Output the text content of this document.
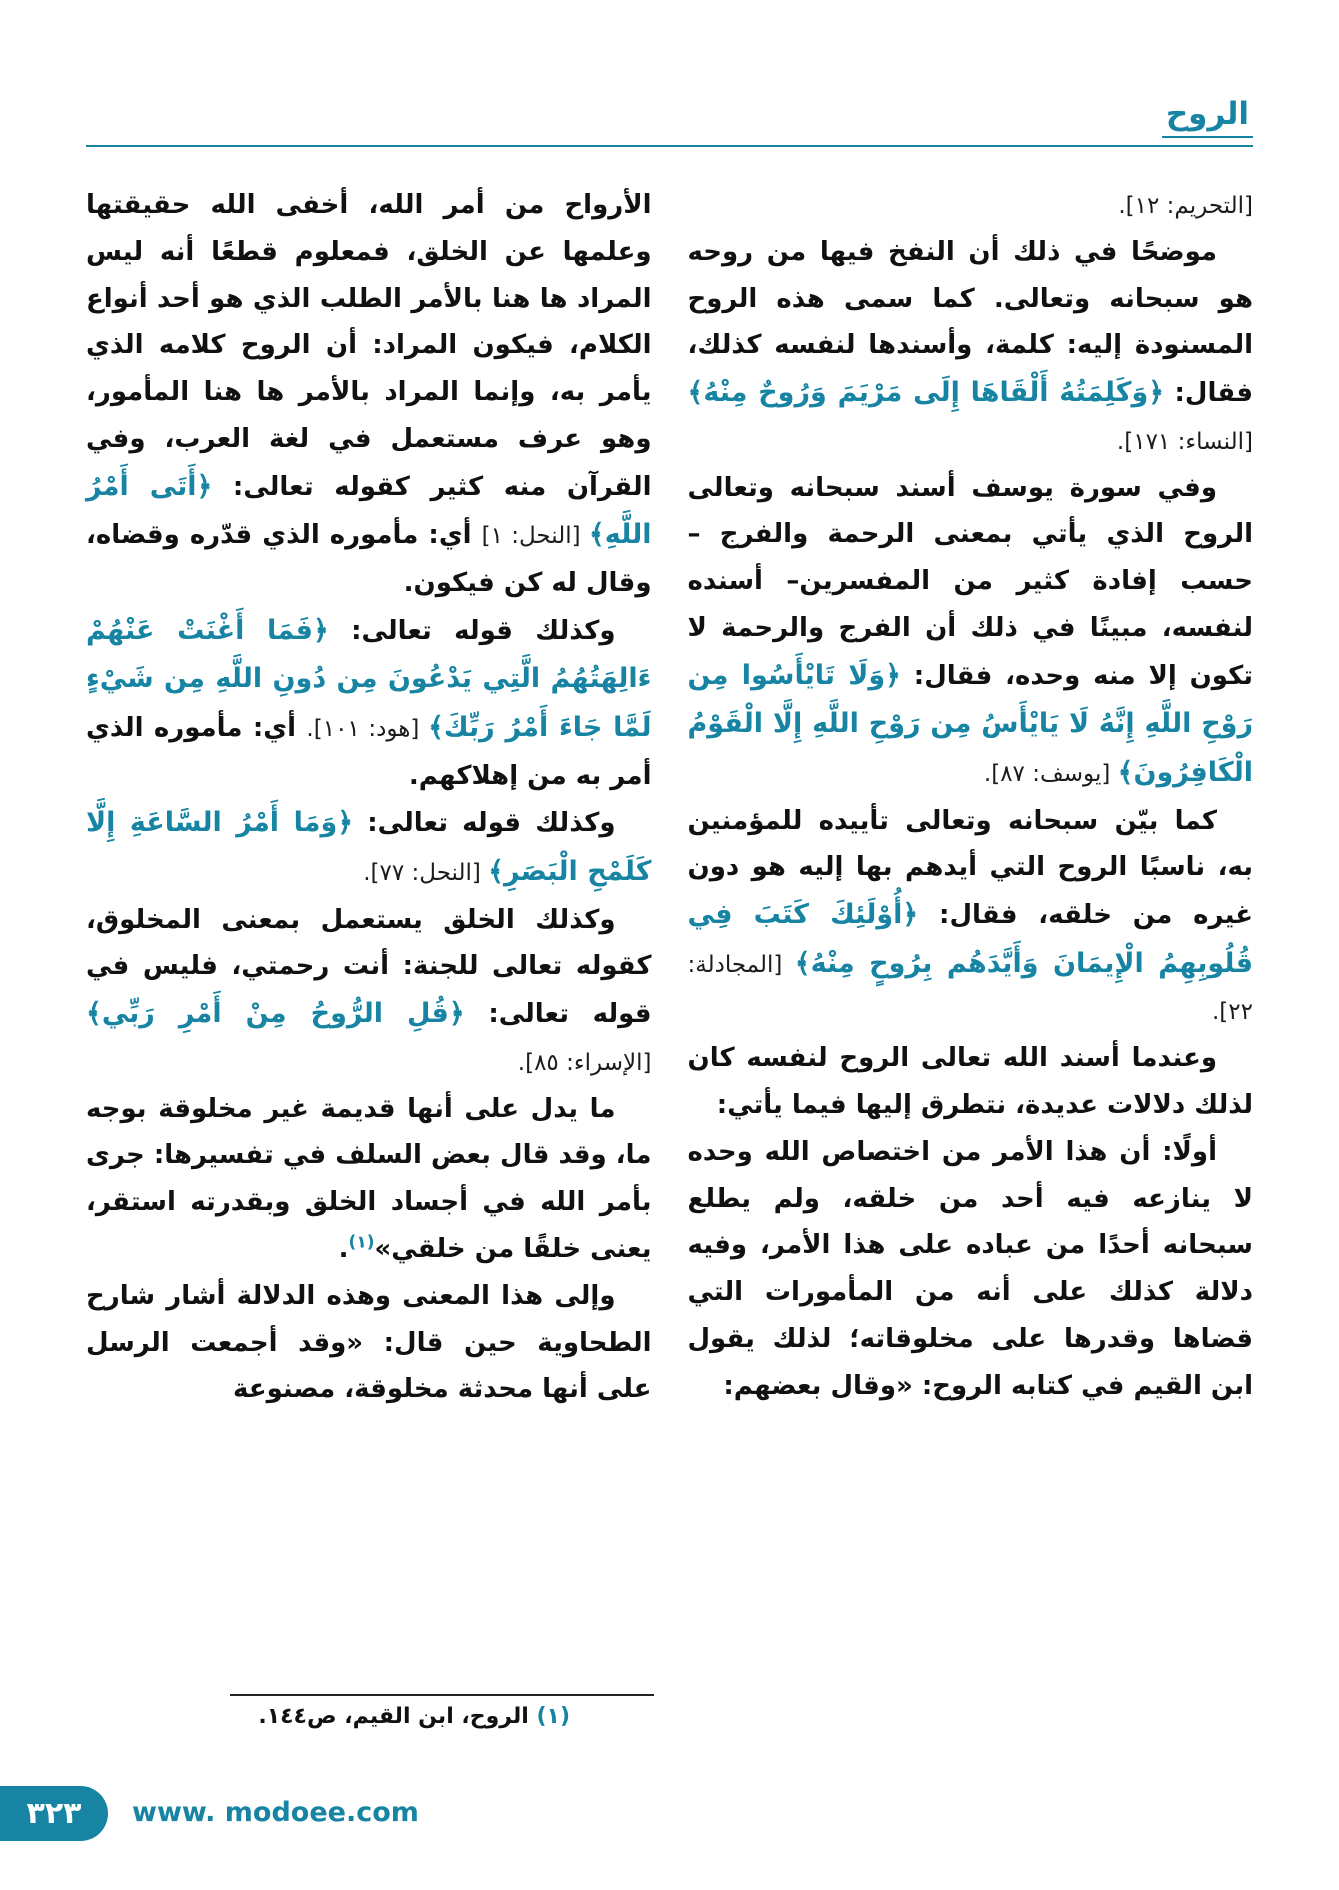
الروح

[التحريم: ١٢].

موضحًا في ذلك أن النفخ فيها من روحه هو سبحانه وتعالى. كما سمى هذه الروح المسنودة إليه: كلمة، وأسندها لنفسه كذلك، فقال: ﴿وَكَلِمَتُهُ أَلْقَاهَا إِلَى مَرْيَمَ وَرُوحٌ مِنْهُ﴾ [النساء: ١٧١].

وفي سورة يوسف أسند سبحانه وتعالى الروح الذي يأتي بمعنى الرحمة والفرج –حسب إفادة كثير من المفسرين– أسنده لنفسه، مبينًا في ذلك أن الفرج والرحمة لا تكون إلا منه وحده، فقال: ﴿وَلَا تَايْأَسُوا مِن رَوْحِ اللَّهِ إِنَّهُ لَا يَايْأَسُ مِن رَوْحِ اللَّهِ إِلَّا الْقَوْمُ الْكَافِرُونَ﴾ [يوسف: ٨٧].

كما بيّن سبحانه وتعالى تأييده للمؤمنين به، ناسبًا الروح التي أيدهم بها إليه هو دون غيره من خلقه، فقال: ﴿أُوْلَئِكَ كَتَبَ فِي قُلُوبِهِمُ الْإِيمَانَ وَأَيَّدَهُم بِرُوحٍ مِنْهُ﴾ [المجادلة: ٢٢].

وعندما أسند الله تعالى الروح لنفسه كان لذلك دلالات عديدة، نتطرق إليها فيما يأتي:

أولًا: أن هذا الأمر من اختصاص الله وحده لا ينازعه فيه أحد من خلقه، ولم يطلع سبحانه أحدًا من عباده على هذا الأمر، وفيه دلالة كذلك على أنه من المأمورات التي قضاها وقدرها على مخلوقاته؛ لذلك يقول ابن القيم في كتابه الروح: «وقال بعضهم:

الأرواح من أمر الله، أخفى الله حقيقتها وعلمها عن الخلق، فمعلوم قطعًا أنه ليس المراد ها هنا بالأمر الطلب الذي هو أحد أنواع الكلام، فيكون المراد: أن الروح كلامه الذي يأمر به، وإنما المراد بالأمر ها هنا المأمور، وهو عرف مستعمل في لغة العرب، وفي القرآن منه كثير كقوله تعالى: ﴿أَتَى أَمْرُ اللَّهِ﴾ [النحل: ١] أي: مأموره الذي قدّره وقضاه، وقال له كن فيكون.

وكذلك قوله تعالى: ﴿فَمَا أَغْنَتْ عَنْهُمْ ءَالِهَتُهُمُ الَّتِي يَدْعُونَ مِن دُونِ اللَّهِ مِن شَيْءٍ لَمَّا جَاءَ أَمْرُ رَبِّكَ﴾ [هود: ١٠١]. أي: مأموره الذي أمر به من إهلاكهم.

وكذلك قوله تعالى: ﴿وَمَا أَمْرُ السَّاعَةِ إِلَّا كَلَمْحِ الْبَصَرِ﴾ [النحل: ٧٧].

وكذلك الخلق يستعمل بمعنى المخلوق، كقوله تعالى للجنة: أنت رحمتي، فليس في قوله تعالى: ﴿قُلِ الرُّوحُ مِنْ أَمْرِ رَبِّي﴾ [الإسراء: ٨٥].

ما يدل على أنها قديمة غير مخلوقة بوجه ما، وقد قال بعض السلف في تفسيرها: جرى بأمر الله في أجساد الخلق وبقدرته استقر، يعنى خلقًا من خلقي»$^{(١)}$.

وإلى هذا المعنى وهذه الدلالة أشار شارح الطحاوية حين قال: «وقد أجمعت الرسل على أنها محدثة مخلوقة، مصنوعة

(١) الروح، ابن القيم، ص١٤٤.
٣٢٣ www. modoee.com
